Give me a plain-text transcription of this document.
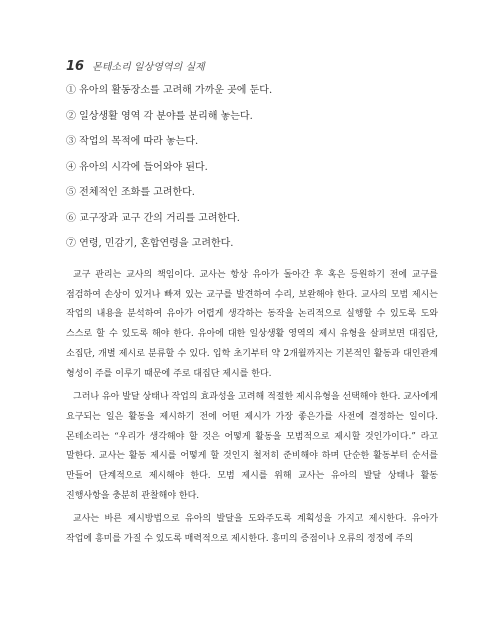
16 몬테소리 일상영역의 실제
① 유아의 활동장소를 고려해 가까운 곳에 둔다.
② 일상생활 영역 각 분야를 분리해 놓는다.
③ 작업의 목적에 따라 놓는다.
④ 유아의 시각에 들어와야 된다.
⑤ 전체적인 조화를 고려한다.
⑥ 교구장과 교구 간의 거리를 고려한다.
⑦ 연령, 민감기, 혼합연령을 고려한다.

교구 관리는 교사의 책임이다. 교사는 항상 유아가 돌아간 후 혹은 등원하기 전에 교구를 점검하여 손상이 있거나 빠져 있는 교구를 발견하여 수리, 보완해야 한다. 교사의 모범 제시는 작업의 내용을 분석하여 유아가 어렵게 생각하는 동작을 논리적으로 실행할 수 있도록 도와 스스로 할 수 있도록 해야 한다. 유아에 대한 일상생활 영역의 제시 유형을 살펴보면 대집단, 소집단, 개별 제시로 분류할 수 있다. 입학 초기부터 약 2개월까지는 기본적인 활동과 대인관계 형성이 주를 이루기 때문에 주로 대집단 제시를 한다.

그러나 유아 발달 상태나 작업의 효과성을 고려해 적절한 제시유형을 선택해야 한다. 교사에게 요구되는 일은 활동을 제시하기 전에 어떤 제시가 가장 좋은가를 사전에 결정하는 일이다. 몬테소리는 “우리가 생각해야 할 것은 어떻게 활동을 모범적으로 제시할 것인가이다.” 라고 말한다. 교사는 활동 제시를 어떻게 할 것인지 철저히 준비해야 하며 단순한 활동부터 순서를 만들어 단계적으로 제시해야 한다. 모범 제시를 위해 교사는 유아의 발달 상태나 활동 진행사항을 충분히 관찰해야 한다.

교사는 바른 제시방법으로 유아의 발달을 도와주도록 계획성을 가지고 제시한다. 유아가 작업에 흥미를 가질 수 있도록 매력적으로 제시한다. 흥미의 증점이나 오류의 정정에 주의
